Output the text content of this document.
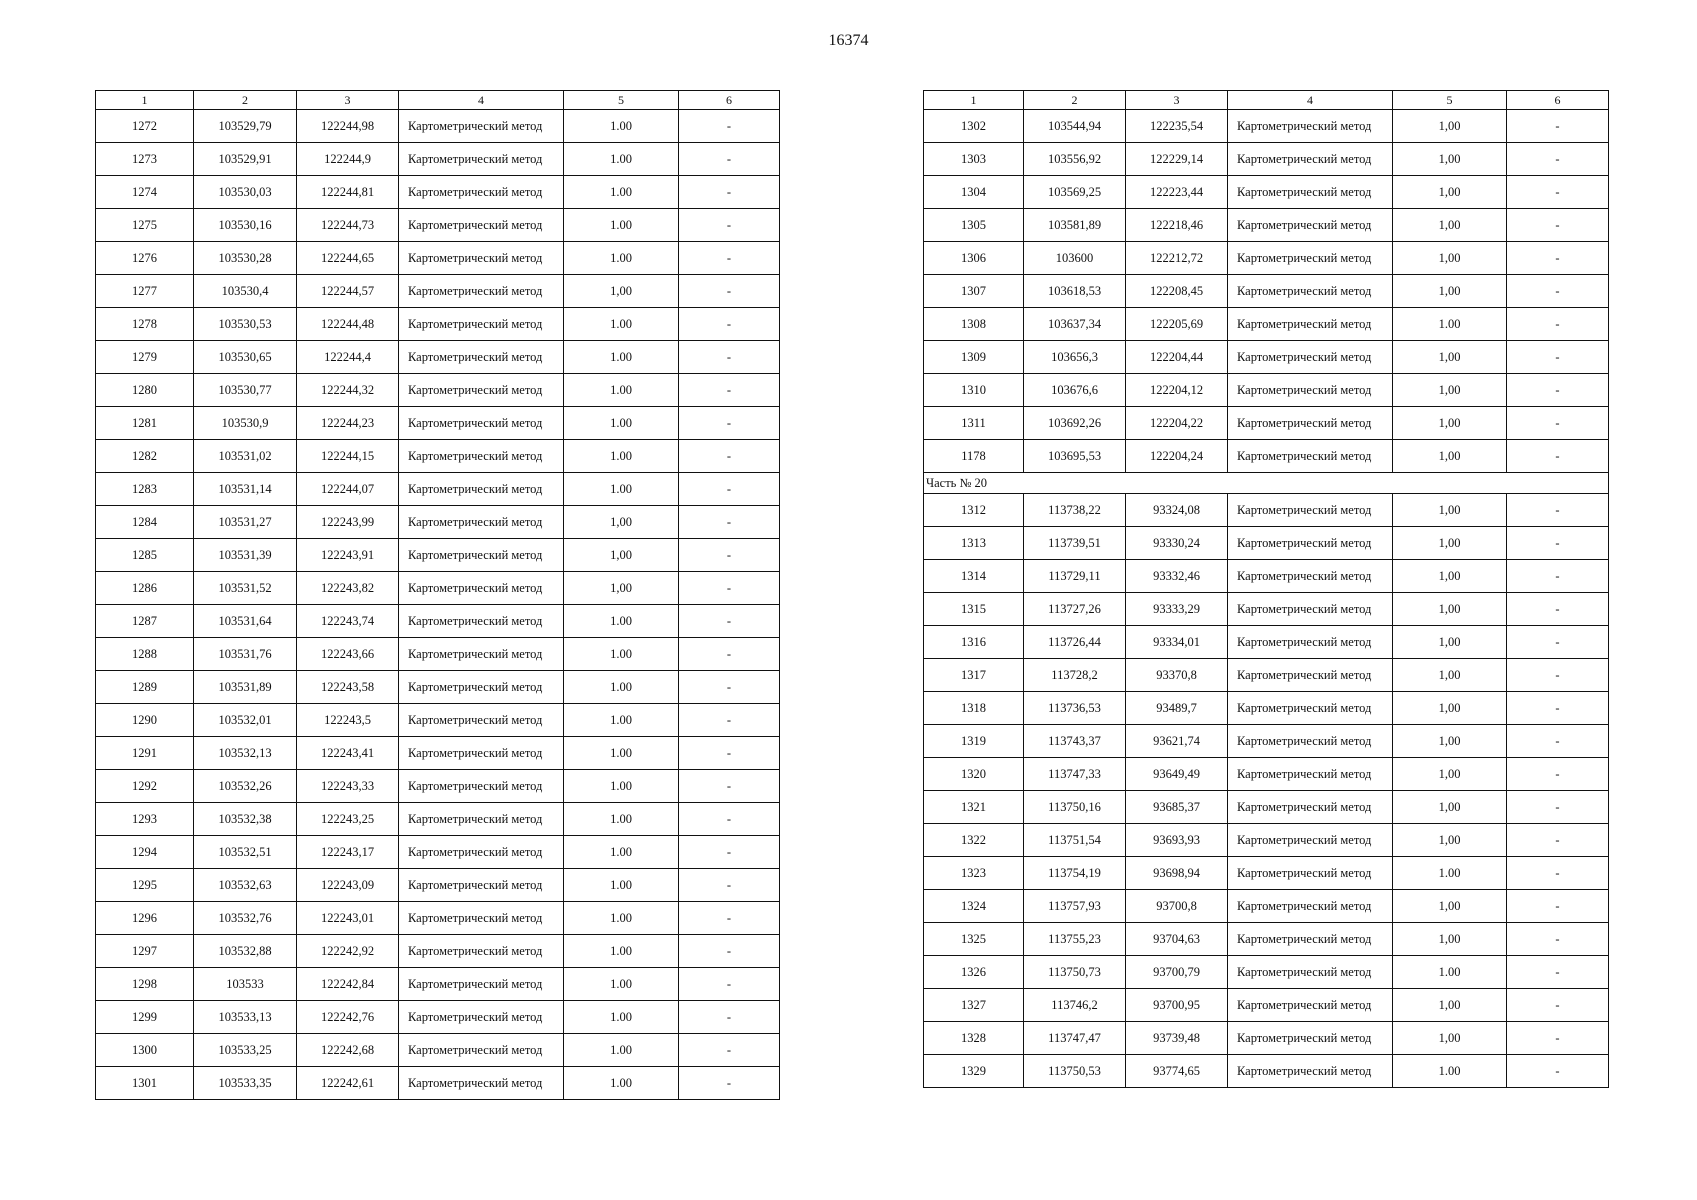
16374
1	2	3	4	5	6
1272	103529,79	122244,98	Картометрический метод	1.00	-
1273	103529,91	122244,9	Картометрический метод	1.00	-
1274	103530,03	122244,81	Картометрический метод	1.00	-
1275	103530,16	122244,73	Картометрический метод	1.00	-
1276	103530,28	122244,65	Картометрический метод	1.00	-
1277	103530,4	122244,57	Картометрический метод	1,00	-
1278	103530,53	122244,48	Картометрический метод	1.00	-
1279	103530,65	122244,4	Картометрический метод	1.00	-
1280	103530,77	122244,32	Картометрический метод	1.00	-
1281	103530,9	122244,23	Картометрический метод	1.00	-
1282	103531,02	122244,15	Картометрический метод	1.00	-
1283	103531,14	122244,07	Картометрический метод	1.00	-
1284	103531,27	122243,99	Картометрический метод	1,00	-
1285	103531,39	122243,91	Картометрический метод	1,00	-
1286	103531,52	122243,82	Картометрический метод	1,00	-
1287	103531,64	122243,74	Картометрический метод	1.00	-
1288	103531,76	122243,66	Картометрический метод	1.00	-
1289	103531,89	122243,58	Картометрический метод	1.00	-
1290	103532,01	122243,5	Картометрический метод	1.00	-
1291	103532,13	122243,41	Картометрический метод	1.00	-
1292	103532,26	122243,33	Картометрический метод	1.00	-
1293	103532,38	122243,25	Картометрический метод	1.00	-
1294	103532,51	122243,17	Картометрический метод	1.00	-
1295	103532,63	122243,09	Картометрический метод	1.00	-
1296	103532,76	122243,01	Картометрический метод	1.00	-
1297	103532,88	122242,92	Картометрический метод	1.00	-
1298	103533	122242,84	Картометрический метод	1.00	-
1299	103533,13	122242,76	Картометрический метод	1.00	-
1300	103533,25	122242,68	Картометрический метод	1.00	-
1301	103533,35	122242,61	Картометрический метод	1.00	-
1	2	3	4	5	6
1302	103544,94	122235,54	Картометрический метод	1,00	-
1303	103556,92	122229,14	Картометрический метод	1,00	-
1304	103569,25	122223,44	Картометрический метод	1,00	-
1305	103581,89	122218,46	Картометрический метод	1,00	-
1306	103600	122212,72	Картометрический метод	1,00	-
1307	103618,53	122208,45	Картометрический метод	1,00	-
1308	103637,34	122205,69	Картометрический метод	1.00	-
1309	103656,3	122204,44	Картометрический метод	1,00	-
1310	103676,6	122204,12	Картометрический метод	1,00	-
1311	103692,26	122204,22	Картометрический метод	1,00	-
1178	103695,53	122204,24	Картометрический метод	1,00	-
Часть № 20					
1312	113738,22	93324,08	Картометрический метод	1,00	-
1313	113739,51	93330,24	Картометрический метод	1,00	-
1314	113729,11	93332,46	Картометрический метод	1,00	-
1315	113727,26	93333,29	Картометрический метод	1,00	-
1316	113726,44	93334,01	Картометрический метод	1,00	-
1317	113728,2	93370,8	Картометрический метод	1,00	-
1318	113736,53	93489,7	Картометрический метод	1,00	-
1319	113743,37	93621,74	Картометрический метод	1,00	-
1320	113747,33	93649,49	Картометрический метод	1,00	-
1321	113750,16	93685,37	Картометрический метод	1,00	-
1322	113751,54	93693,93	Картометрический метод	1,00	-
1323	113754,19	93698,94	Картометрический метод	1.00	-
1324	113757,93	93700,8	Картометрический метод	1,00	-
1325	113755,23	93704,63	Картометрический метод	1,00	-
1326	113750,73	93700,79	Картометрический метод	1.00	-
1327	113746,2	93700,95	Картометрический метод	1,00	-
1328	113747,47	93739,48	Картометрический метод	1,00	-
1329	113750,53	93774,65	Картометрический метод	1.00	-
